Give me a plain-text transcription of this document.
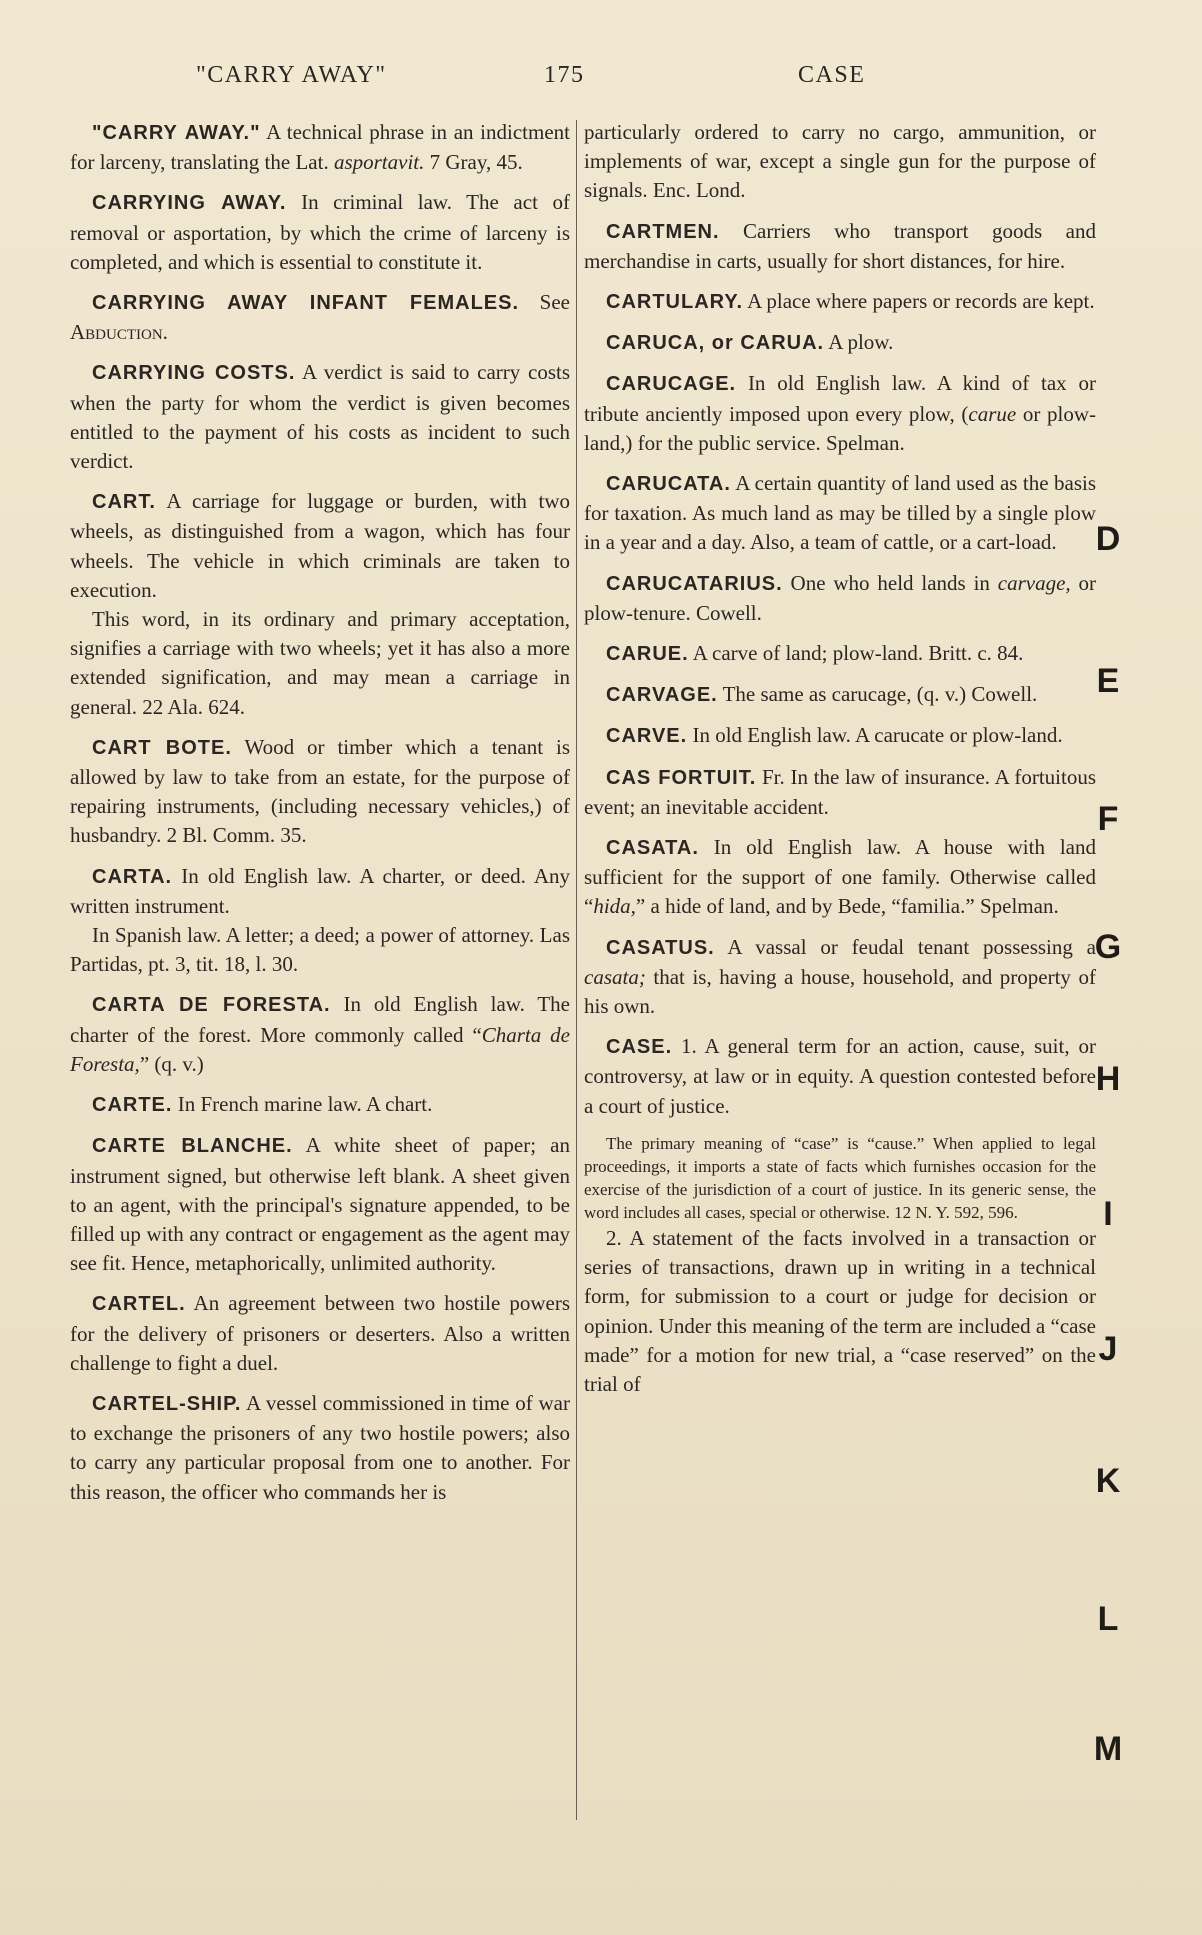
"CARRY AWAY"	175	CASE

"CARRY AWAY." A technical phrase in an indictment for larceny, translating the Lat. asportavit. 7 Gray, 45.

CARRYING AWAY. In criminal law. The act of removal or asportation, by which the crime of larceny is completed, and which is essential to constitute it.

CARRYING AWAY INFANT FEMALES. See Abduction.

CARRYING COSTS. A verdict is said to carry costs when the party for whom the verdict is given becomes entitled to the payment of his costs as incident to such verdict.

CART. A carriage for luggage or burden, with two wheels, as distinguished from a wagon, which has four wheels. The vehicle in which criminals are taken to execution.

This word, in its ordinary and primary acceptation, signifies a carriage with two wheels; yet it has also a more extended signification, and may mean a carriage in general. 22 Ala. 624.

CART BOTE. Wood or timber which a tenant is allowed by law to take from an estate, for the purpose of repairing instruments, (including necessary vehicles,) of husbandry. 2 Bl. Comm. 35.

CARTA. In old English law. A charter, or deed. Any written instrument.

In Spanish law. A letter; a deed; a power of attorney. Las Partidas, pt. 3, tit. 18, l. 30.

CARTA DE FORESTA. In old English law. The charter of the forest. More commonly called “Charta de Foresta,” (q. v.)

CARTE. In French marine law. A chart.

CARTE BLANCHE. A white sheet of paper; an instrument signed, but otherwise left blank. A sheet given to an agent, with the principal's signature appended, to be filled up with any contract or engagement as the agent may see fit. Hence, metaphorically, unlimited authority.

CARTEL. An agreement between two hostile powers for the delivery of prisoners or deserters. Also a written challenge to fight a duel.

CARTEL-SHIP. A vessel commissioned in time of war to exchange the prisoners of any two hostile powers; also to carry any particular proposal from one to another. For this reason, the officer who commands her is

particularly ordered to carry no cargo, ammunition, or implements of war, except a single gun for the purpose of signals. Enc. Lond.

CARTMEN. Carriers who transport goods and merchandise in carts, usually for short distances, for hire.

CARTULARY. A place where papers or records are kept.

CARUCA, or CARUA. A plow.

CARUCAGE. In old English law. A kind of tax or tribute anciently imposed upon every plow, (carue or plow-land,) for the public service. Spelman.

CARUCATA. A certain quantity of land used as the basis for taxation. As much land as may be tilled by a single plow in a year and a day. Also, a team of cattle, or a cart-load.

CARUCATARIUS. One who held lands in carvage, or plow-tenure. Cowell.

CARUE. A carve of land; plow-land. Britt. c. 84.

CARVAGE. The same as carucage, (q. v.) Cowell.

CARVE. In old English law. A carucate or plow-land.

CAS FORTUIT. Fr. In the law of insurance. A fortuitous event; an inevitable accident.

CASATA. In old English law. A house with land sufficient for the support of one family. Otherwise called “hida,” a hide of land, and by Bede, “familia.” Spelman.

CASATUS. A vassal or feudal tenant possessing a casata; that is, having a house, household, and property of his own.

CASE. 1. A general term for an action, cause, suit, or controversy, at law or in equity. A question contested before a court of justice.

The primary meaning of “case” is “cause.” When applied to legal proceedings, it imports a state of facts which furnishes occasion for the exercise of the jurisdiction of a court of justice. In its generic sense, the word includes all cases, special or otherwise. 12 N. Y. 592, 596.

2. A statement of the facts involved in a transaction or series of transactions, drawn up in writing in a technical form, for submission to a court or judge for decision or opinion. Under this meaning of the term are included a “case made” for a motion for new trial, a “case reserved” on the trial of

D
E
F
G
H
I
J
K
L
M
